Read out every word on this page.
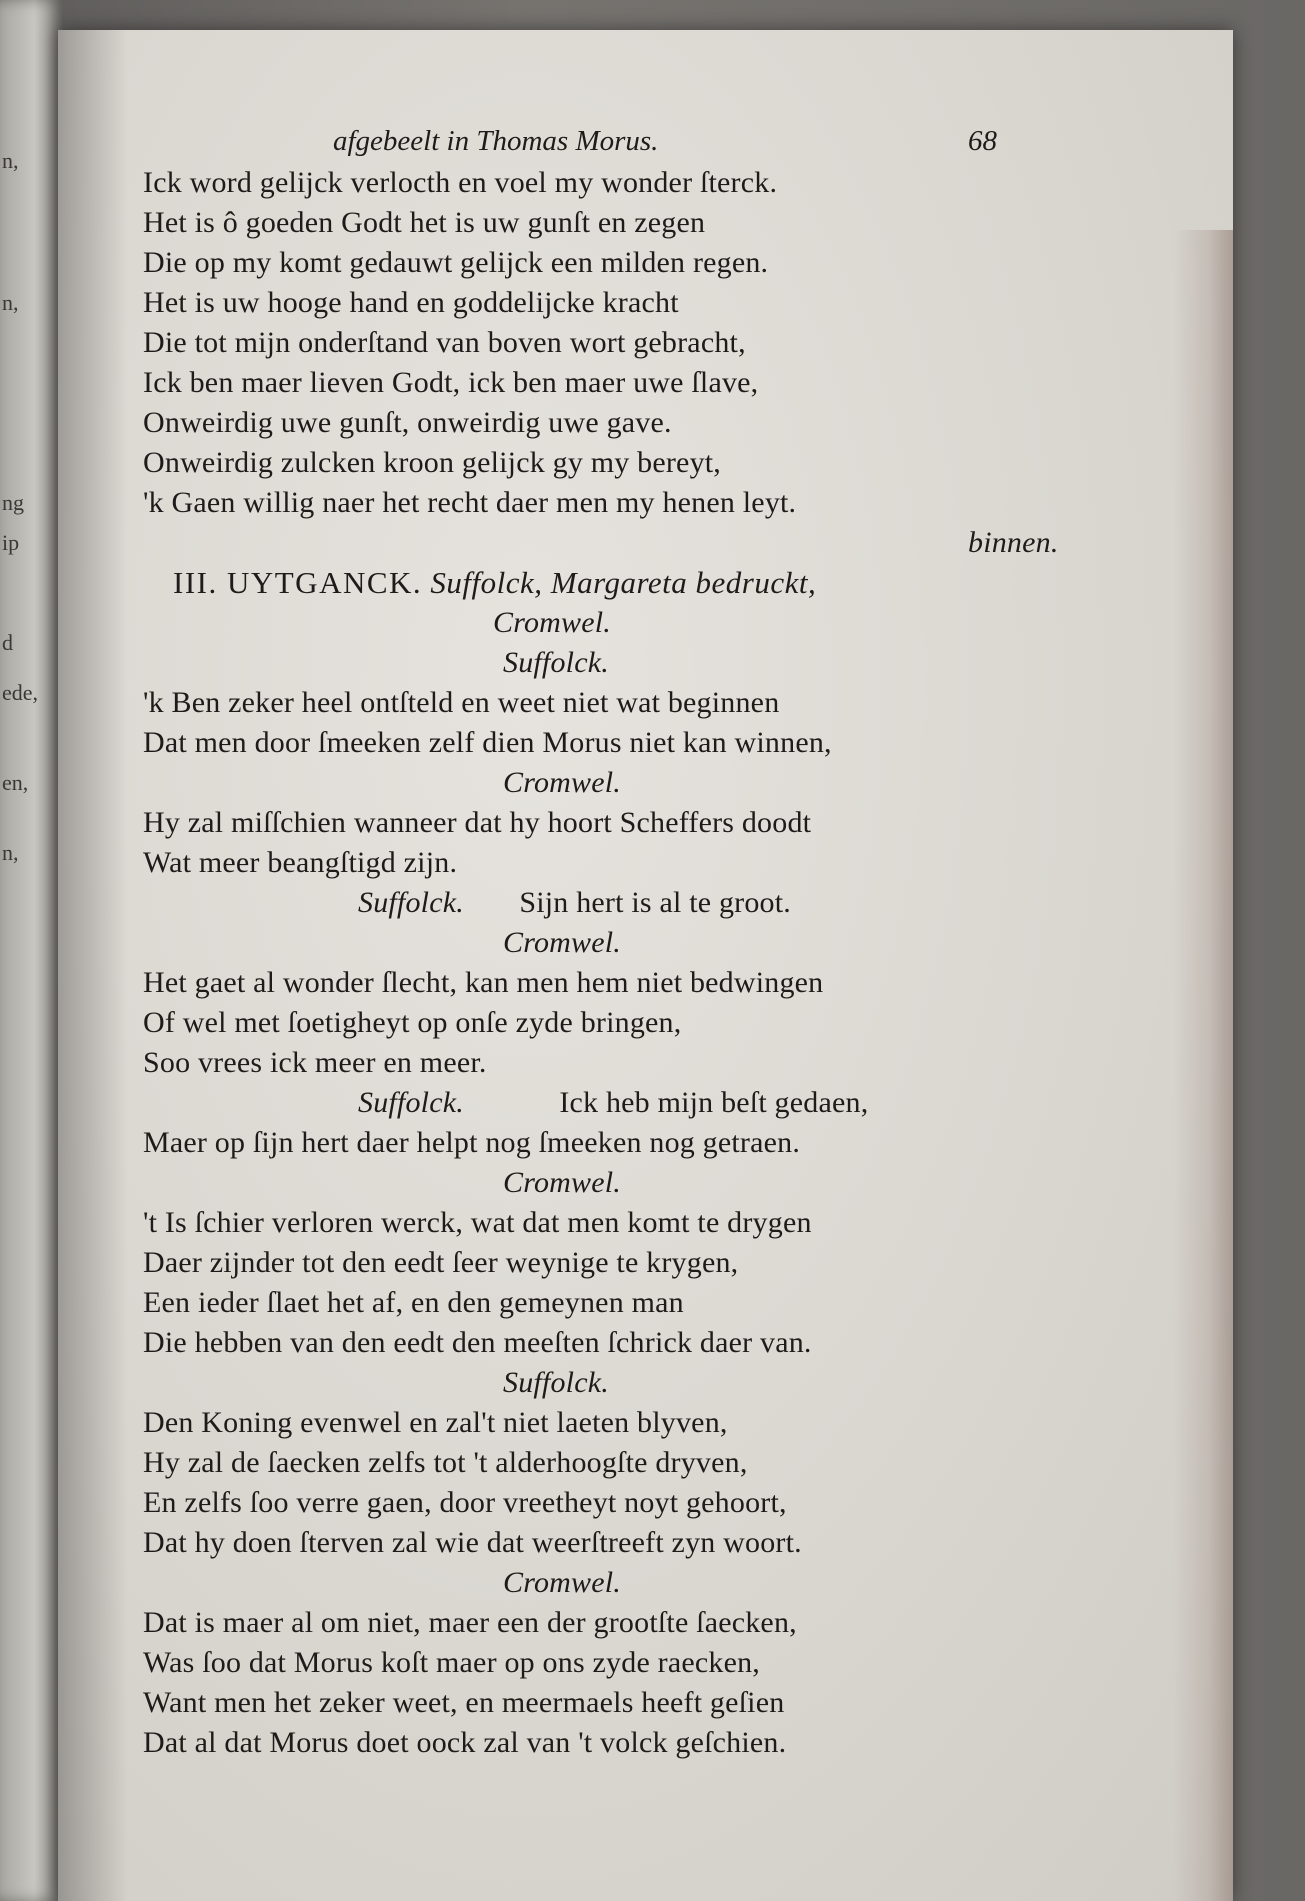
n,
n,
ng
ip
d
ede,
en,
n,
afgebeelt in Thomas Morus.	68
Ick word gelijck verlocth en voel my wonder ſterck.
Het is ô goeden Godt het is uw gunſt en zegen
Die op my komt gedauwt gelijck een milden regen.
Het is uw hooge hand en goddelijcke kracht
Die tot mijn onderſtand van boven wort gebracht,
Ick ben maer lieven Godt, ick ben maer uwe ſlave,
Onweirdig uwe gunſt, onweirdig uwe gave.
Onweirdig zulcken kroon gelijck gy my bereyt,
'k Gaen willig naer het recht daer men my henen leyt.
binnen.
III. UYTGANCK. Suffolck, Margareta bedruckt,
Cromwel.
Suffolck.
'k Ben zeker heel ontſteld en weet niet wat beginnen
Dat men door ſmeeken zelf dien Morus niet kan winnen,
Cromwel.
Hy zal miſſchien wanneer dat hy hoort Scheffers doodt
Wat meer beangſtigd zijn.
Suffolck. Sijn hert is al te groot.
Cromwel.
Het gaet al wonder ſlecht, kan men hem niet bedwingen
Of wel met ſoetigheyt op onſe zyde bringen,
Soo vrees ick meer en meer.
Suffolck.	Ick heb mijn beſt gedaen,
Maer op ſijn hert daer helpt nog ſmeeken nog getraen.
Cromwel.
't Is ſchier verloren werck, wat dat men komt te drygen
Daer zijnder tot den eedt ſeer weynige te krygen,
Een ieder ſlaet het af, en den gemeynen man
Die hebben van den eedt den meeſten ſchrick daer van.
Suffolck.
Den Koning evenwel en zal't niet laeten blyven,
Hy zal de ſaecken zelfs tot 't alderhoogſte dryven,
En zelfs ſoo verre gaen, door vreetheyt noyt gehoort,
Dat hy doen ſterven zal wie dat weerſtreeft zyn woort.
Cromwel.
Dat is maer al om niet, maer een der grootſte ſaecken,
Was ſoo dat Morus koſt maer op ons zyde raecken,
Want men het zeker weet, en meermaels heeft geſien
Dat al dat Morus doet oock zal van 't volck geſchien.
